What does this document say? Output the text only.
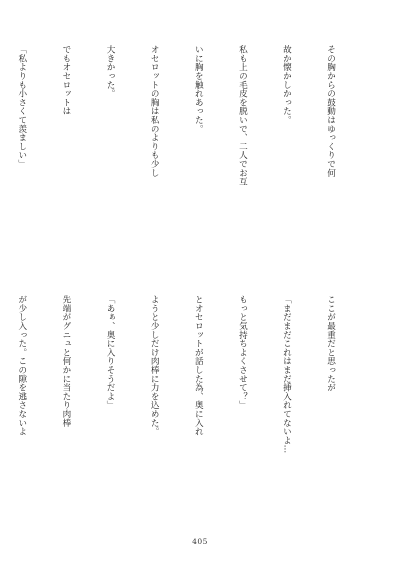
その胸からの鼓動はゆっくりで何

故か懐かしかった。

私も上の毛皮を脱いで、二人でお互

いに胸を触れあった。

オセロットの胸は私のよりも少し

大きかった。

でもオセロットは

「私よりも小さくて羨ましい」

ここが最重だと思ったが

「まだまだこれはまだ挿入れてないよ…

もっと気持ちよくさせて？」

とオセロットが話した為、奥に入れ

ようと少しだけ肉棒に力を込めた。

「あぁ、奥に入りそうだよ」

先端がグニュと何かに当たり肉棒

が少し入った。この隙を逃さないよ

405
